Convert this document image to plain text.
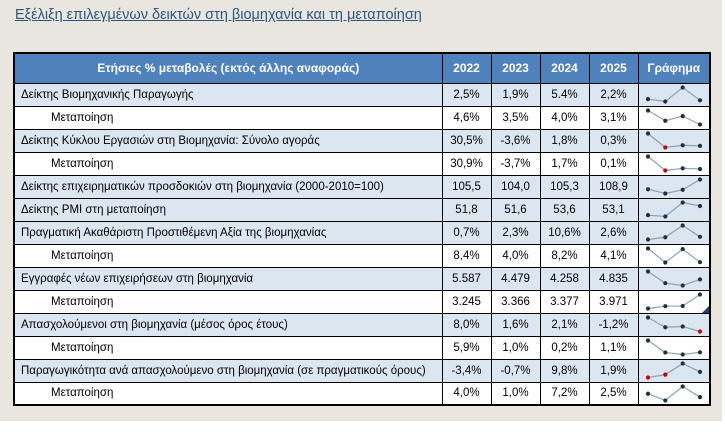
Εξέλιξη επιλεγμένων δεικτών στη βιομηχανία και τη μεταποίηση
Ετήσιες % μεταβολές (εκτός άλλης αναφοράς)	2022	2023	2024	2025	Γράφημα
Δείκτης Βιομηχανικής Παραγωγής	2,5%	1,9%	5.4%	2,2%	

Μεταποίηση	4,6%	3,5%	4,0%	3,1%	

Δείκτης Κύκλου Εργασιών στη Βιομηχανία: Σύνολο αγοράς	30,5%	-3,6%	1,8%	0,3%	

Μεταποίηση	30,9%	-3,7%	1,7%	0,1%	

Δείκτης επιχειρηματικών προσδοκιών στη βιομηχανία (2000-2010=100)	105,5	104,0	105,3	108,9	

Δείκτης PMI στη μεταποίηση	51,8	51,6	53,6	53,1	

Πραγματική Ακαθάριστη Προστιθέμενη Αξία της βιομηχανίας	0,7%	2,3%	10,6%	2,6%	

Μεταποίηση	8,4%	4,0%	8,2%	4,1%	

Εγγραφές νέων επιχειρήσεων στη βιομηχανία	5.587	4.479	4.258	4.835	

Μεταποίηση	3.245	3.366	3.377	3.971	

Απασχολούμενοι στη βιομηχανία (μέσος όρος έτους)	8,0%	1,6%	2,1%	-1,2%	

Μεταποίηση	5,9%	1,0%	0,2%	1,1%	

Παραγωγικότητα ανά απασχολούμενο στη βιομηχανία (σε πραγματικούς όρους)	-3,4%	-0,7%	9,8%	1,9%	

Μεταποίηση	4,0%	1,0%	7,2%	2,5%	
